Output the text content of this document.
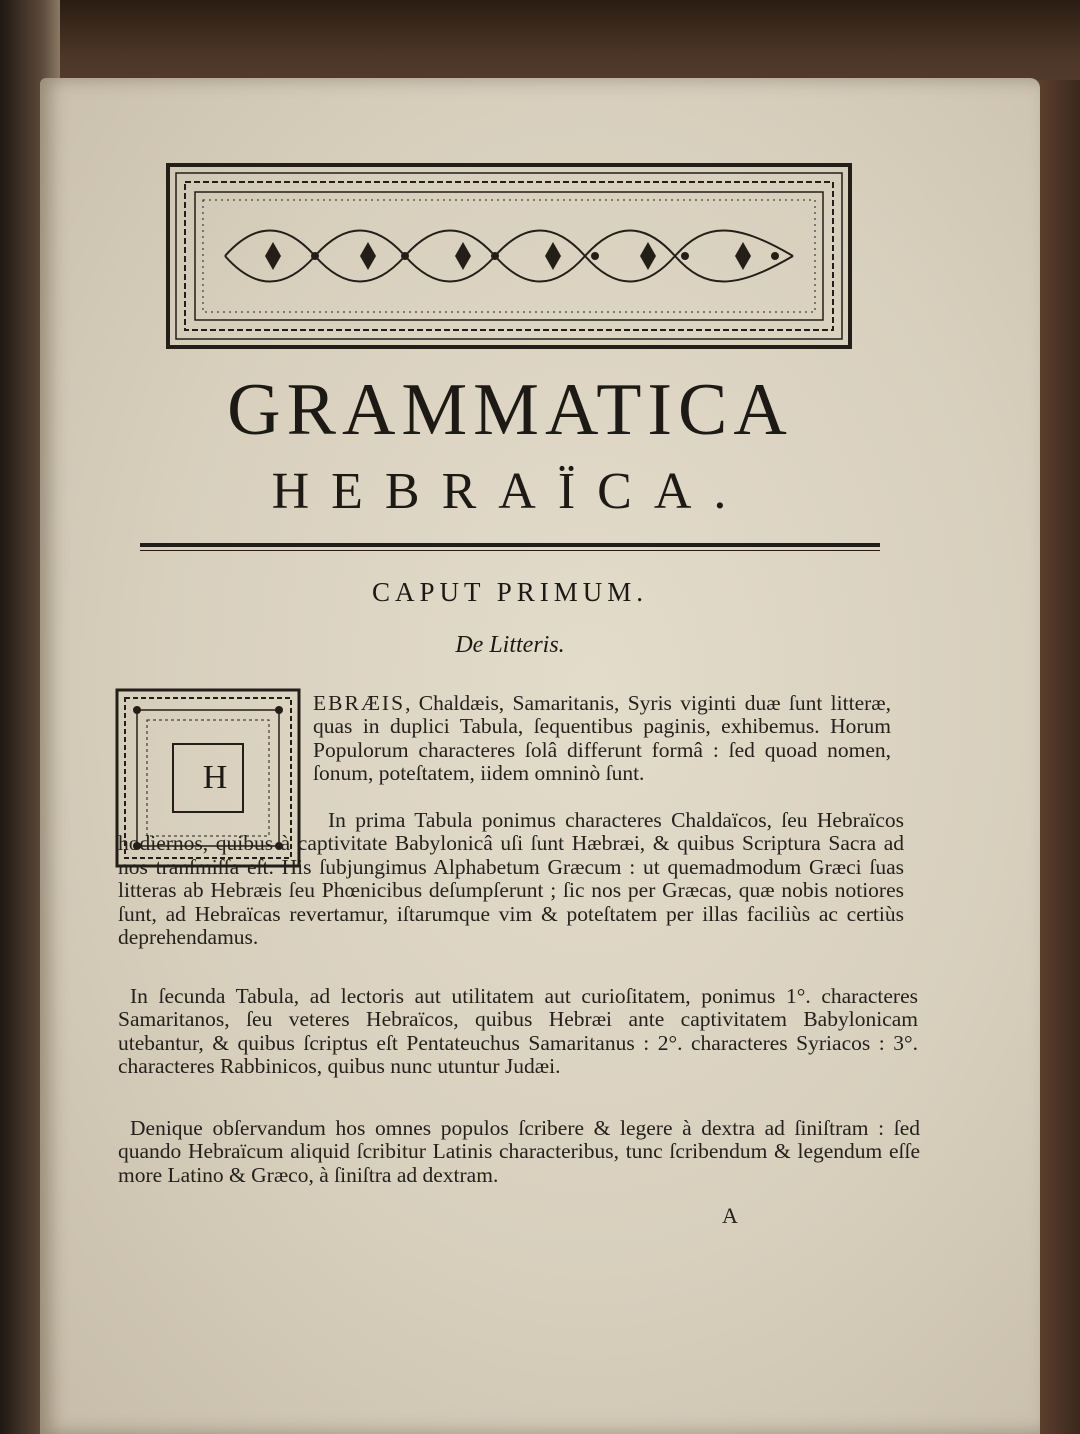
GRAMMATICA
HEBRAÏCA.
CAPUT PRIMUM.
De Litteris.
H

EBRÆIS, Chaldæis, Samaritanis, Syris viginti duæ ſunt litteræ, quas in duplici Tabula, ſequentibus paginis, exhibemus. Horum Populorum characteres ſolâ differunt formâ : ſed quoad nomen, ſonum, poteſtatem, iidem omninò ſunt.

In prima Tabula ponimus characteres Chaldaïcos, ſeu Hebraïcos hodiernos, quibus à captivitate Babylonicâ uſi ſunt Hæbræi, & quibus Scriptura Sacra ad nos tranſmiſſa eſt. His ſubjungimus Alphabetum Græcum : ut quemadmodum Græci ſuas litteras ab Hebræis ſeu Phœnicibus deſumpſerunt ; ſic nos per Græcas, quæ nobis notiores ſunt, ad Hebraïcas revertamur, iſtarumque vim & poteſtatem per illas faciliùs ac certiùs deprehendamus.

In ſecunda Tabula, ad lectoris aut utilitatem aut curioſitatem, ponimus 1°. characteres Samaritanos, ſeu veteres Hebraïcos, quibus Hebræi ante captivitatem Babylonicam utebantur, & quibus ſcriptus eſt Pentateuchus Samaritanus : 2°. characteres Syriacos : 3°. characteres Rabbinicos, quibus nunc utuntur Judæi.

Denique obſervandum hos omnes populos ſcribere & legere à dextra ad ſiniſtram : ſed quando Hebraïcum aliquid ſcribitur Latinis characteribus, tunc ſcribendum & legendum eſſe more Latino & Græco, à ſiniſtra ad dextram.

A
